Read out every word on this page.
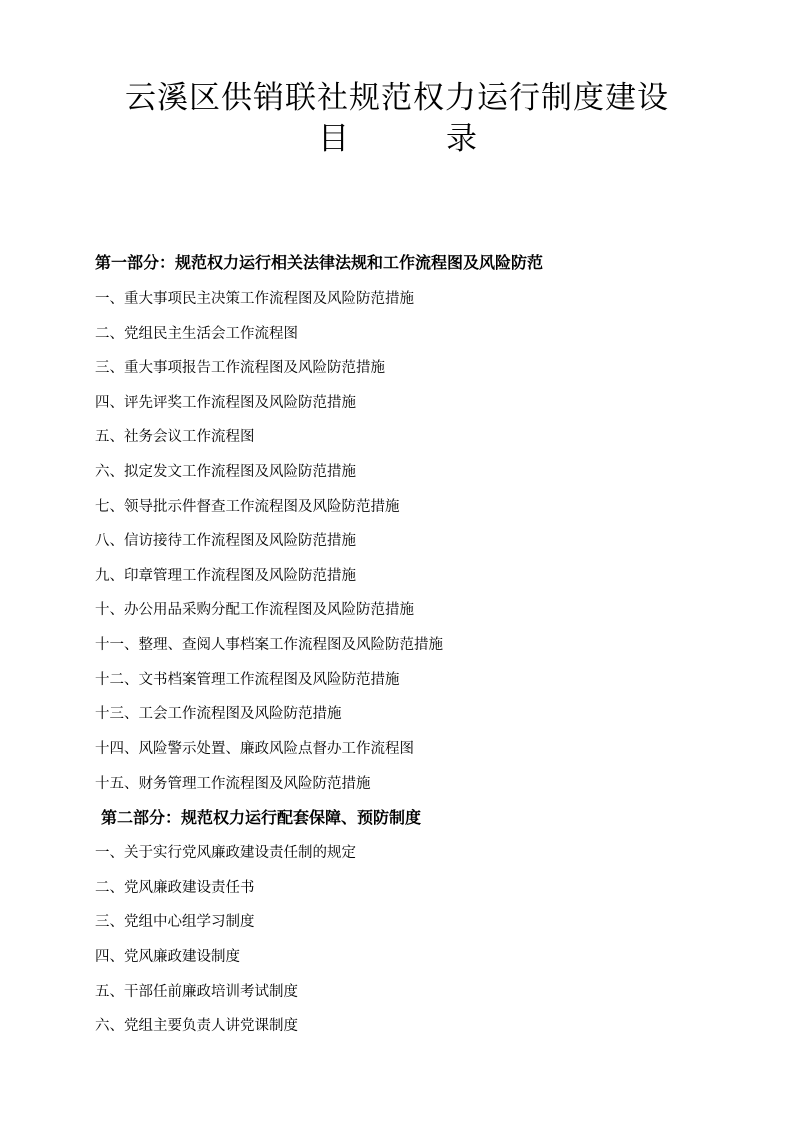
云溪区供销联社规范权力运行制度建设
目	录
第一部分：规范权力运行相关法律法规和工作流程图及风险防范
一、重大事项民主决策工作流程图及风险防范措施
二、党组民主生活会工作流程图
三、重大事项报告工作流程图及风险防范措施
四、评先评奖工作流程图及风险防范措施
五、社务会议工作流程图
六、拟定发文工作流程图及风险防范措施
七、领导批示件督查工作流程图及风险防范措施
八、信访接待工作流程图及风险防范措施
九、印章管理工作流程图及风险防范措施
十、办公用品采购分配工作流程图及风险防范措施
十一、整理、查阅人事档案工作流程图及风险防范措施
十二、文书档案管理工作流程图及风险防范措施
十三、工会工作流程图及风险防范措施
十四、风险警示处置、廉政风险点督办工作流程图
十五、财务管理工作流程图及风险防范措施
第二部分：规范权力运行配套保障、预防制度
一、关于实行党风廉政建设责任制的规定
二、党风廉政建设责任书
三、党组中心组学习制度
四、党风廉政建设制度
五、干部任前廉政培训考试制度
六、党组主要负责人讲党课制度
